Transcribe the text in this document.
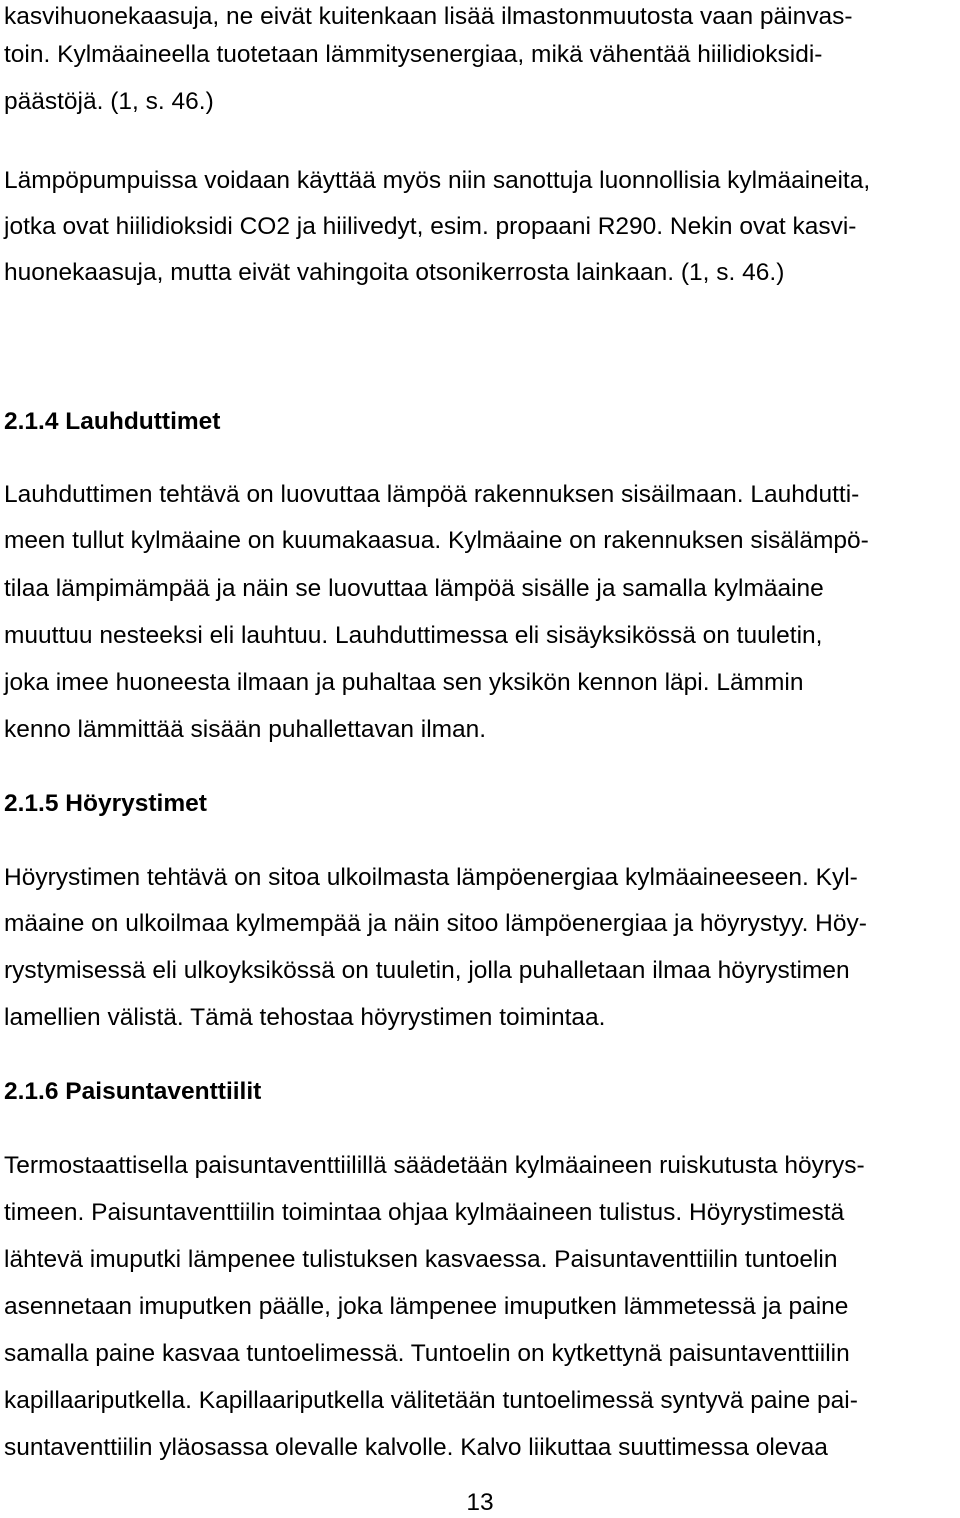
kasvihuonekaasuja, ne eivät kuitenkaan lisää ilmastonmuutosta vaan päinvas-
toin. Kylmäaineella tuotetaan lämmitysenergiaa, mikä vähentää hiilidioksidi-
päästöjä. (1, s. 46.)
Lämpöpumpuissa voidaan käyttää myös niin sanottuja luonnollisia kylmäaineita,
jotka ovat hiilidioksidi CO2 ja hiilivedyt, esim. propaani R290. Nekin ovat kasvi-
huonekaasuja, mutta eivät vahingoita otsonikerrosta lainkaan. (1, s. 46.)
2.1.4 Lauhduttimet
Lauhduttimen tehtävä on luovuttaa lämpöä rakennuksen sisäilmaan. Lauhdutti-
meen tullut kylmäaine on kuumakaasua. Kylmäaine on rakennuksen sisälämpö-
tilaa lämpimämpää ja näin se luovuttaa lämpöä sisälle ja samalla kylmäaine
muuttuu nesteeksi eli lauhtuu. Lauhduttimessa eli sisäyksikössä on tuuletin,
joka imee huoneesta ilmaan ja puhaltaa sen yksikön kennon läpi. Lämmin
kenno lämmittää sisään puhallettavan ilman.
2.1.5 Höyrystimet
Höyrystimen tehtävä on sitoa ulkoilmasta lämpöenergiaa kylmäaineeseen. Kyl-
mäaine on ulkoilmaa kylmempää ja näin sitoo lämpöenergiaa ja höyrystyy. Höy-
rystymisessä eli ulkoyksikössä on tuuletin, jolla puhalletaan ilmaa höyrystimen
lamellien välistä. Tämä tehostaa höyrystimen toimintaa.
2.1.6 Paisuntaventtiilit
Termostaattisella paisuntaventtiilillä säädetään kylmäaineen ruiskutusta höyrys-
timeen. Paisuntaventtiilin toimintaa ohjaa kylmäaineen tulistus. Höyrystimestä
lähtevä imuputki lämpenee tulistuksen kasvaessa. Paisuntaventtiilin tuntoelin
asennetaan imuputken päälle, joka lämpenee imuputken lämmetessä ja paine
samalla paine kasvaa tuntoelimessä. Tuntoelin on kytkettynä paisuntaventtiilin
kapillaariputkella. Kapillaariputkella välitetään tuntoelimessä syntyvä paine pai-
suntaventtiilin yläosassa olevalle kalvolle. Kalvo liikuttaa suuttimessa olevaa
13
